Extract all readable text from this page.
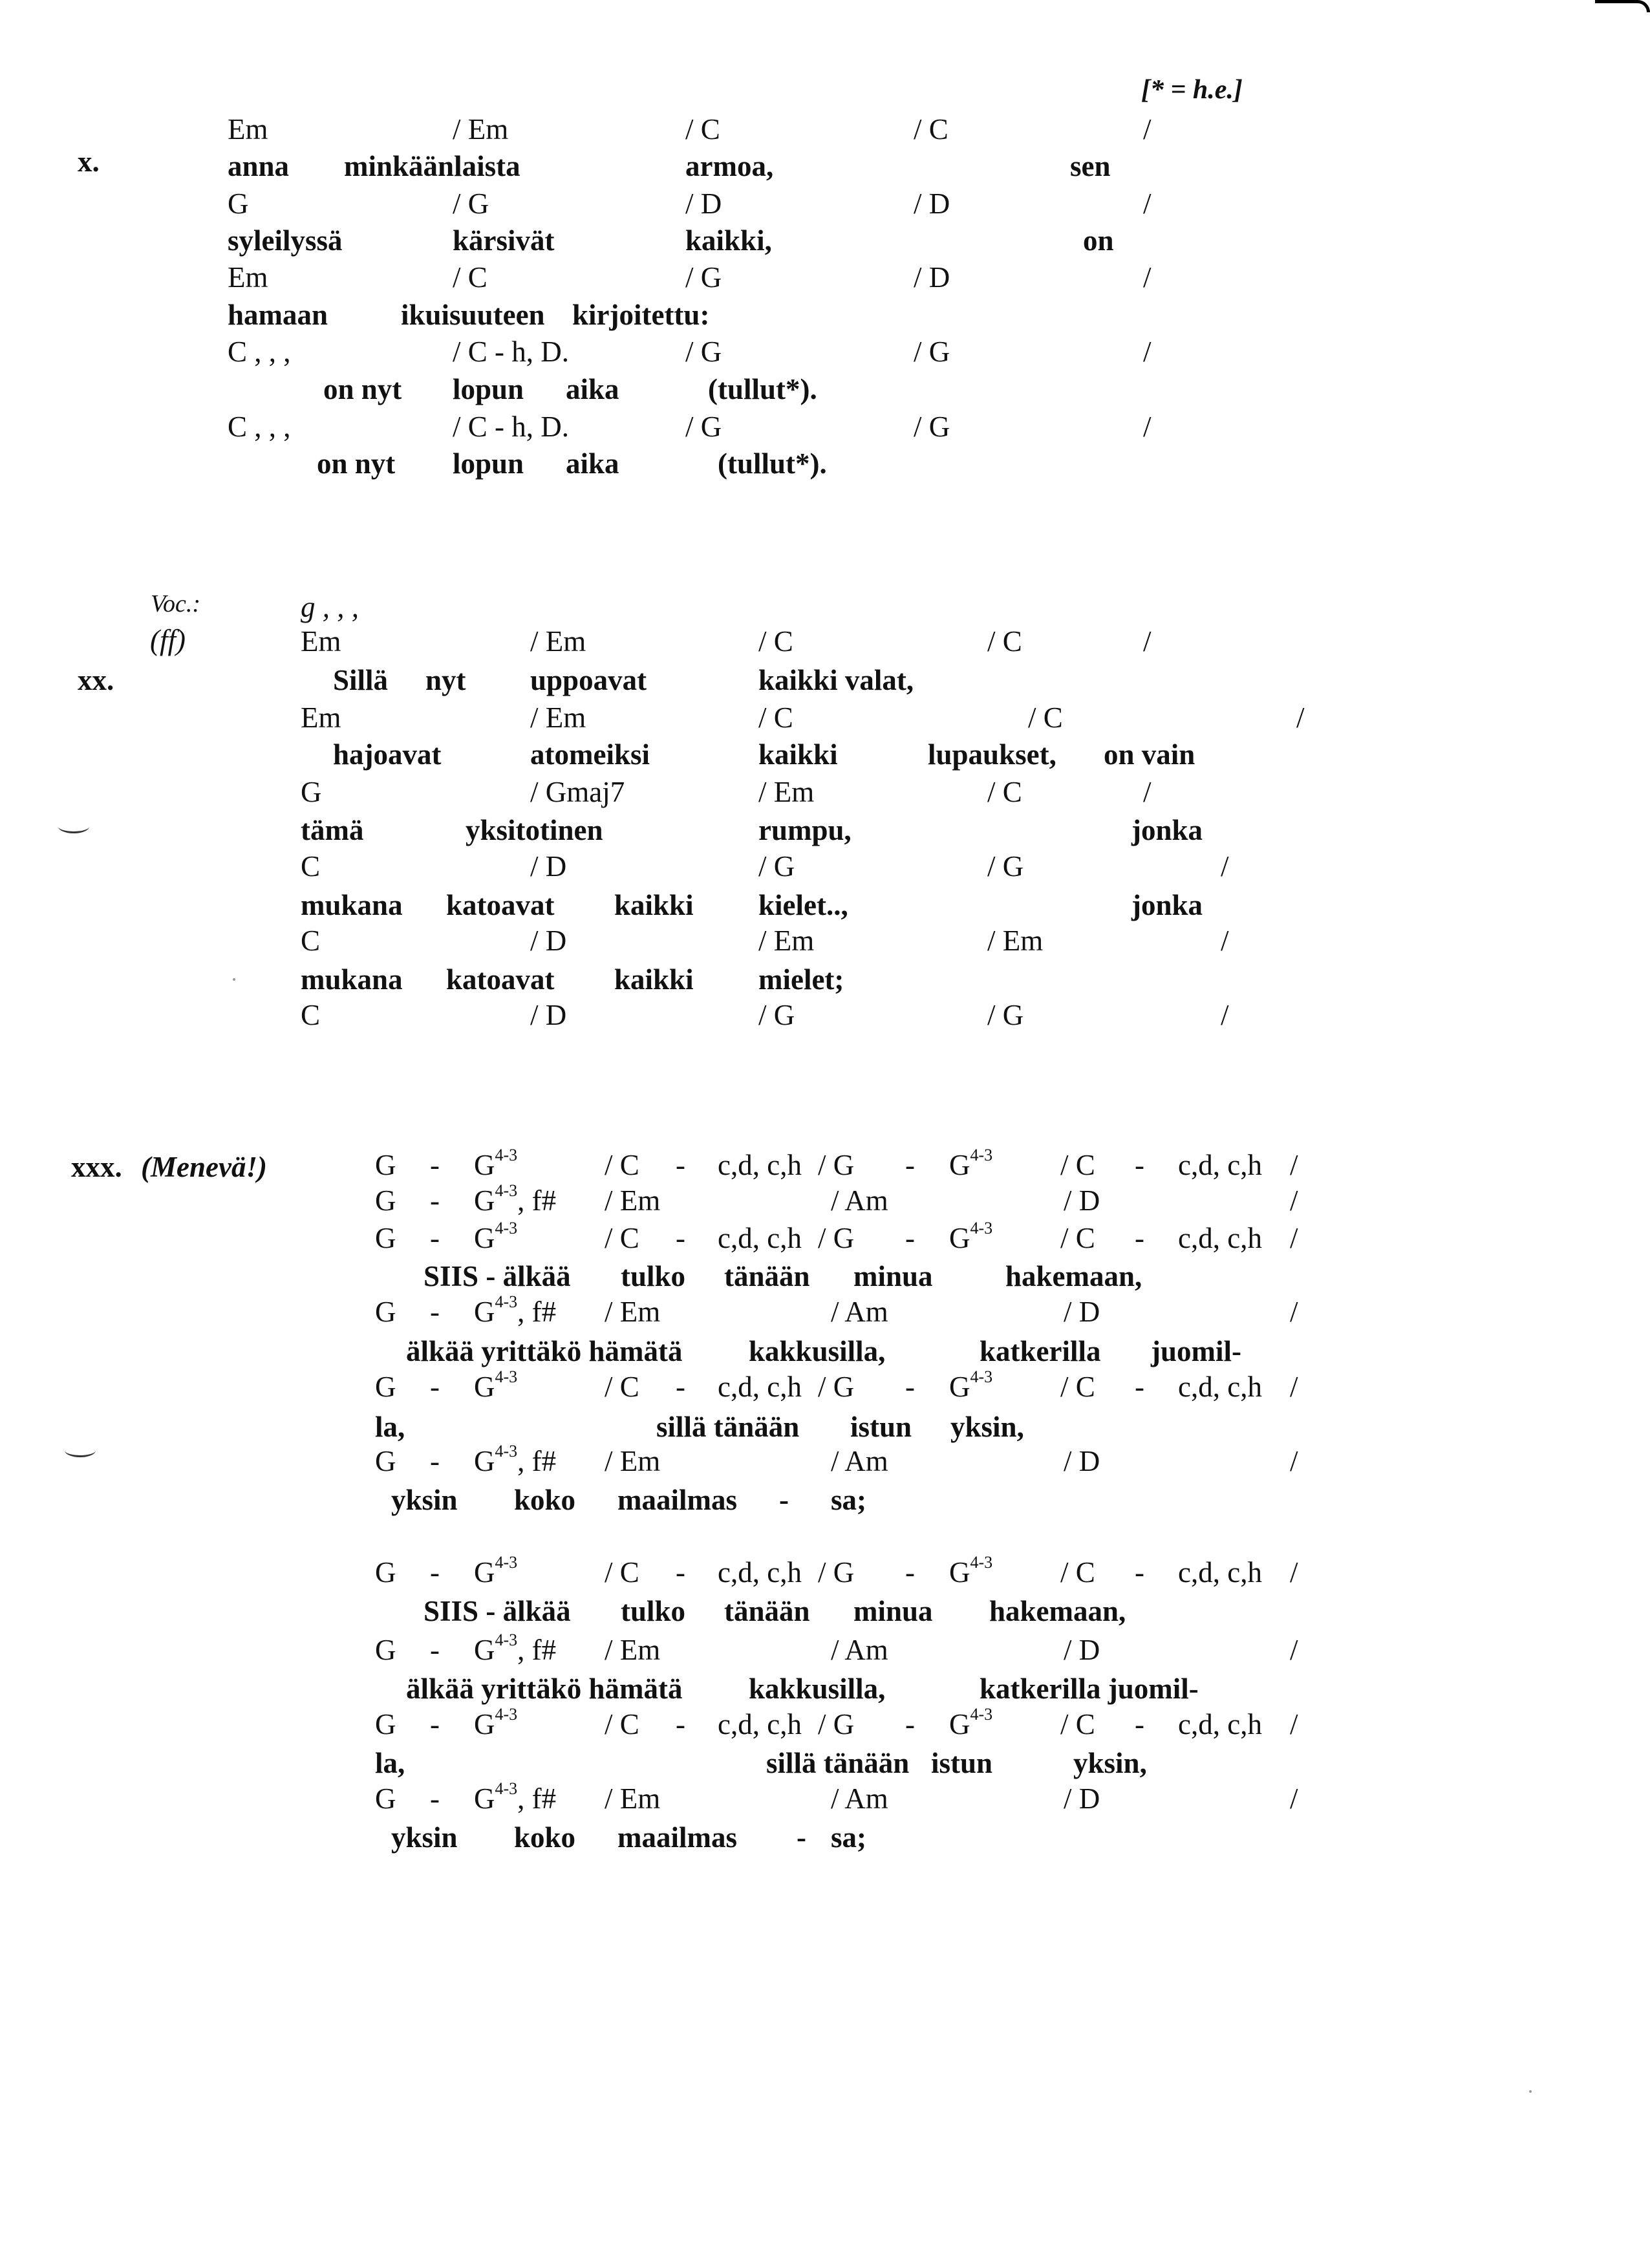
[* = h.e.]
x.
Em	/ Em	/ C	/ C	/
anna minkäänlaista	armoa,	sen
G	/ G	/ D	/ D	/
syleilyssä	kärsivät	kaikki,	on
Em	/ C	/ G	/ D	/
hamaan	ikuisuuteen kirjoitettu:
C , , ,	/ C - h, D.	/ G	/ G	/
on nyt lopun aika	(tullut*).
C , , ,	/ C - h, D.	/ G	/ G	/
on nyt lopun aika	(tullut*).
Voc.:
(ff)
xx.
g , , ,
Em	/ Em	/ C	/ C	/
Sillä nyt uppoavat	kaikki valat,
Em	/ Em	/ C	/ C	/
hajoavat	atomeiksi	kaikki	lupaukset, on vain
G	/ Gmaj7	/ Em	/ C	/
tämä	yksitotinen	rumpu,	jonka
C	/ D	/ G	/ G	/
mukana katoavat kaikki kielet..,	jonka
C	/ D	/ Em	/ Em	/
mukana katoavat kaikki mielet;
C	/ D	/ G	/ G	/
xxx. (Menevä!)	G - $G^{4-3}$	/ C - c,d, c,h / G - $G^{4-3}$ / C - c,d, c,h /
G - $G^{4-3}$, f# / Em	/ Am	/ D	/
G - $G^{4-3}$	/ C - c,d, c,h / G - $G^{4-3}$ / C - c,d, c,h /
SIIS - älkää tulko tänään minua hakemaan,
G - $G^{4-3}$, f# / Em	/ Am	/ D	/
älkää yrittäkö hämätä kakkusilla,	katkerilla juomil-
G - $G^{4-3}$	/ C - c,d, c,h / G - $G^{4-3}$ / C - c,d, c,h /
la,	sillä tänään istun yksin,
G - $G^{4-3}$, f# / Em	/ Am	/ D	/
yksin koko maailmas - sa;
G - $G^{4-3}$	/ C - c,d, c,h / G - $G^{4-3}$ / C - c,d, c,h /
SIIS - älkää tulko tänään minua hakemaan,
G - $G^{4-3}$, f# / Em	/ Am	/ D	/
älkää yrittäkö hämätä kakkusilla,	katkerilla juomil-
G - $G^{4-3}$	/ C - c,d, c,h / G - $G^{4-3}$ / C - c,d, c,h /
la,	sillä tänään istun	yksin,
G - $G^{4-3}$, f# / Em	/ Am	/ D	/
yksin koko maailmas - sa;
